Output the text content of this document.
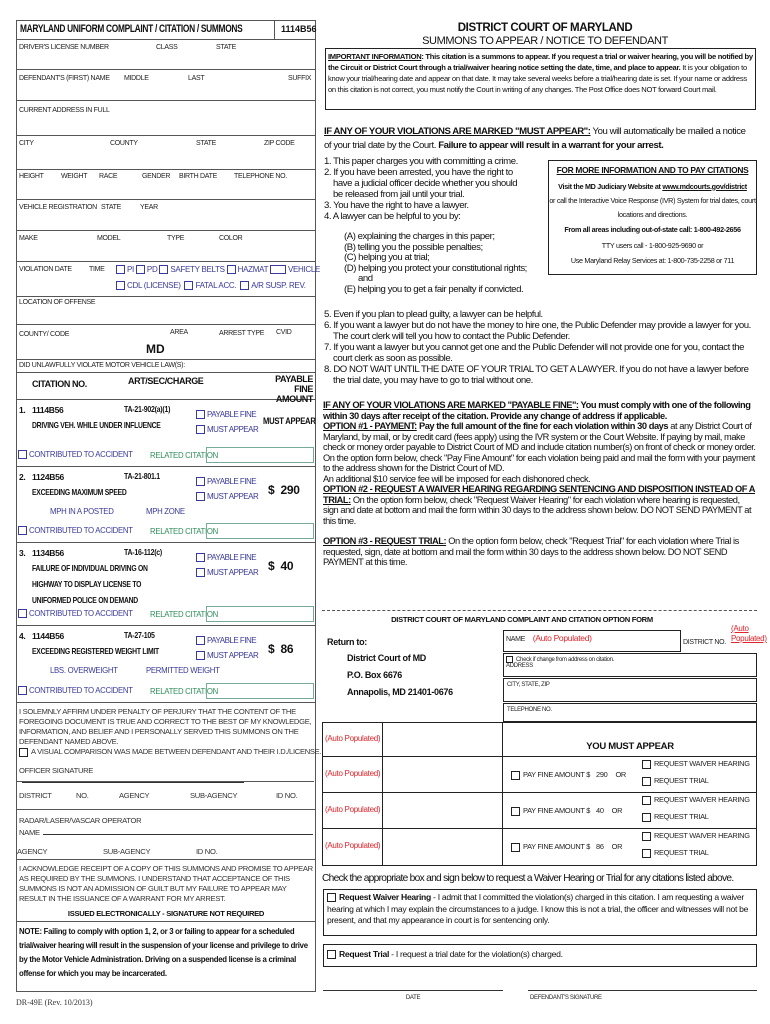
MARYLAND UNIFORM COMPLAINT / CITATION / SUMMONS	1114B56
DRIVER'S LICENSE NUMBER	CLASS	STATE
DEFENDANT'S (FIRST) NAME MIDDLE	LAST	SUFFIX
CURRENT ADDRESS IN FULL
CITY	COUNTY	STATE	ZIP CODE
HEIGHT WEIGHT RACE	GENDER BIRTH DATE TELEPHONE NO.
VEHICLE REGISTRATION STATE	YEAR
MAKE	MODEL	TYPE	COLOR
VIOLATION DATE TIME	PI PD SAFETY BELTS HAZMAT VEHICLE
CDL (LICENSE) FATAL ACC. A/R SUSP. REV.
LOCATION OF OFFENSE
COUNTY/ CODE	AREA	ARREST TYPE CVID
MD
DID UNLAWFULLY VIOLATE MOTOR VEHICLE LAW(S):
CITATION NO.	ART/SEC/CHARGE	PAYABLE
FINE AMOUNT
1. 1114B56	TA-21-902(a)(1)
DRIVING VEH. WHILE UNDER INFLUENCE
PAYABLE FINE
MUST APPEAR
MUST APPEAR
CONTRIBUTED TO ACCIDENT RELATED CITATION
2. 1124B56	TA-21-801.1
EXCEEDING MAXIMUM SPEED
PAYABLE FINE
MUST APPEAR $  290
MPH IN A POSTED	MPH ZONE
CONTRIBUTED TO ACCIDENT RELATED CITATION
3. 1134B56	TA-16-112(c)
FAILURE OF INDIVIDUAL DRIVING ON
HIGHWAY TO DISPLAY LICENSE TO
UNIFORMED POLICE ON DEMAND
PAYABLE FINE
MUST APPEAR $  40
CONTRIBUTED TO ACCIDENT RELATED CITATION
4. 1144B56	TA-27-105
EXCEEDING REGISTERED WEIGHT LIMIT
PAYABLE FINE
MUST APPEAR $  86
LBS. OVERWEIGHT	PERMITTED WEIGHT
CONTRIBUTED TO ACCIDENT RELATED CITATION
I SOLEMNLY AFFIRM UNDER PENALTY OF PERJURY THAT THE CONTENT OF THE FOREGOING DOCUMENT IS TRUE AND CORRECT TO THE BEST OF MY KNOWLEDGE, INFORMATION, AND BELIEF AND I PERSONALLY SERVED THIS SUMMONS ON THE DEFENDANT NAMED ABOVE.
A VISUAL COMPARISON WAS MADE BETWEEN DEFENDANT AND THEIR I.D./LICENSE.
OFFICER SIGNATURE
DISTRICT	NO.	AGENCY	SUB-AGENCY	ID NO.
RADAR/LASER/VASCAR OPERATOR
NAME
AGENCY	SUB-AGENCY	ID NO.
I ACKNOWLEDGE RECEIPT OF A COPY OF THIS SUMMONS AND PROMISE TO APPEAR AS REQUIRED BY THE SUMMONS. I UNDERSTAND THAT ACCEPTANCE OF THIS SUMMONS IS NOT AN ADMISSION OF GUILT BUT MY FAILURE TO APPEAR MAY RESULT IN THE ISSUANCE OF A WARRANT FOR MY ARREST.
ISSUED ELECTRONICALLY - SIGNATURE NOT REQUIRED
NOTE: Failing to comply with option 1, 2, or 3 or failing to appear for a scheduled trial/waiver hearing will result in the suspension of your license and privilege to drive by the Motor Vehicle Administration. Driving on a suspended license is a criminal offense for which you may be incarcerated.
DR-49E (Rev. 10/2013)
DISTRICT COURT OF MARYLAND
SUMMONS TO APPEAR / NOTICE TO DEFENDANT
IMPORTANT INFORMATION: This citation is a summons to appear. If you request a trial or waiver hearing, you will be notified by the Circuit or District Court through a trial/waiver hearing notice setting the date, time, and place to appear. It is your obligation to know your trial/hearing date and appear on that date. It may take several weeks before a trial/hearing date is set. If your name or address on this citation is not correct, you must notify the Court in writing of any changes. The Post Office does NOT forward Court mail.
IF ANY OF YOUR VIOLATIONS ARE MARKED "MUST APPEAR": You will automatically be mailed a notice of your trial date by the Court. Failure to appear will result in a warrant for your arrest.
1. This paper charges you with committing a crime.
2. If you have been arrested, you have the right to have a judicial officer decide whether you should be released from jail until your trial.
3. You have the right to have a lawyer.
4. A lawyer can be helpful to you by:
(A) explaining the charges in this paper;
(B) telling you the possible penalties;
(C) helping you at trial;
(D) helping you protect your constitutional rights; and
(E) helping you to get a fair penalty if convicted.
FOR MORE INFORMATION AND TO PAY CITATIONS
Visit the MD Judiciary Website at www.mdcourts.gov/district
or call the Interactive Voice Response (IVR) System for trial dates, court locations and directions.
From all areas including out-of-state call: 1-800-492-2656
TTY users call - 1-800-925-9690 or
Use Maryland Relay Services at: 1-800-735-2258 or 711
5. Even if you plan to plead guilty, a lawyer can be helpful.
6. If you want a lawyer but do not have the money to hire one, the Public Defender may provide a lawyer for you. The court clerk will tell you how to contact the Public Defender.
7. If you want a lawyer but you cannot get one and the Public Defender will not provide one for you, contact the court clerk as soon as possible.
8. DO NOT WAIT UNTIL THE DATE OF YOUR TRIAL TO GET A LAWYER. If you do not have a lawyer before the trial date, you may have to go to trial without one.
IF ANY OF YOUR VIOLATIONS ARE MARKED "PAYABLE FINE": You must comply with one of the following within 30 days after receipt of the citation. Provide any change of address if applicable.
OPTION #1 - PAYMENT: Pay the full amount of the fine for each violation within 30 days at any District Court of Maryland, by mail, or by credit card (fees apply) using the IVR system or the Court Website. If paying by mail, make check or money order payable to District Court of MD and include citation number(s) on front of check or money order. On the option form below, check "Pay Fine Amount" for each violation being paid and mail the form with your payment to the address shown for the District Court of MD.
An additional $10 service fee will be imposed for each dishonored check.
OPTION #2 - REQUEST A WAIVER HEARING REGARDING SENTENCING AND DISPOSITION INSTEAD OF A TRIAL: On the option form below, check "Request Waiver Hearing" for each violation where hearing is requested, sign and date at bottom and mail the form within 30 days to the address shown below. DO NOT SEND PAYMENT at this time.
OPTION #3 - REQUEST TRIAL: On the option form below, check "Request Trial" for each violation where Trial is requested, sign, date at bottom and mail the form within 30 days to the address shown below. DO NOT SEND PAYMENT at this time.
DISTRICT COURT OF MARYLAND COMPLAINT AND CITATION OPTION FORM
Return to:
District Court of MD
P.O. Box 6676
Annapolis, MD 21401-0676
NAME (Auto Populated)	DISTRICT NO.
(Auto Populated)
Check if change from address on citation.
ADDRESS
CITY, STATE, ZIP
TELEPHONE NO.
(Auto Populated)
YOU MUST APPEAR
(Auto Populated)	PAY FINE AMOUNT $ 290 OR
REQUEST WAIVER HEARING
REQUEST TRIAL
(Auto Populated)	PAY FINE AMOUNT $ 40 OR
REQUEST WAIVER HEARING
REQUEST TRIAL
(Auto Populated)	PAY FINE AMOUNT $ 86 OR
REQUEST WAIVER HEARING
REQUEST TRIAL
Check the appropriate box and sign below to request a Waiver Hearing or Trial for any citations listed above.
Request Waiver Hearing - I admit that I committed the violation(s) charged in this citation. I am requesting a waiver hearing at which I may explain the circumstances to a judge. I know this is not a trial, the officer and witnesses will not be present, and that my appearance in court is for sentencing only.
Request Trial - I request a trial date for the violation(s) charged.
DATE	DEFENDANT'S SIGNATURE
